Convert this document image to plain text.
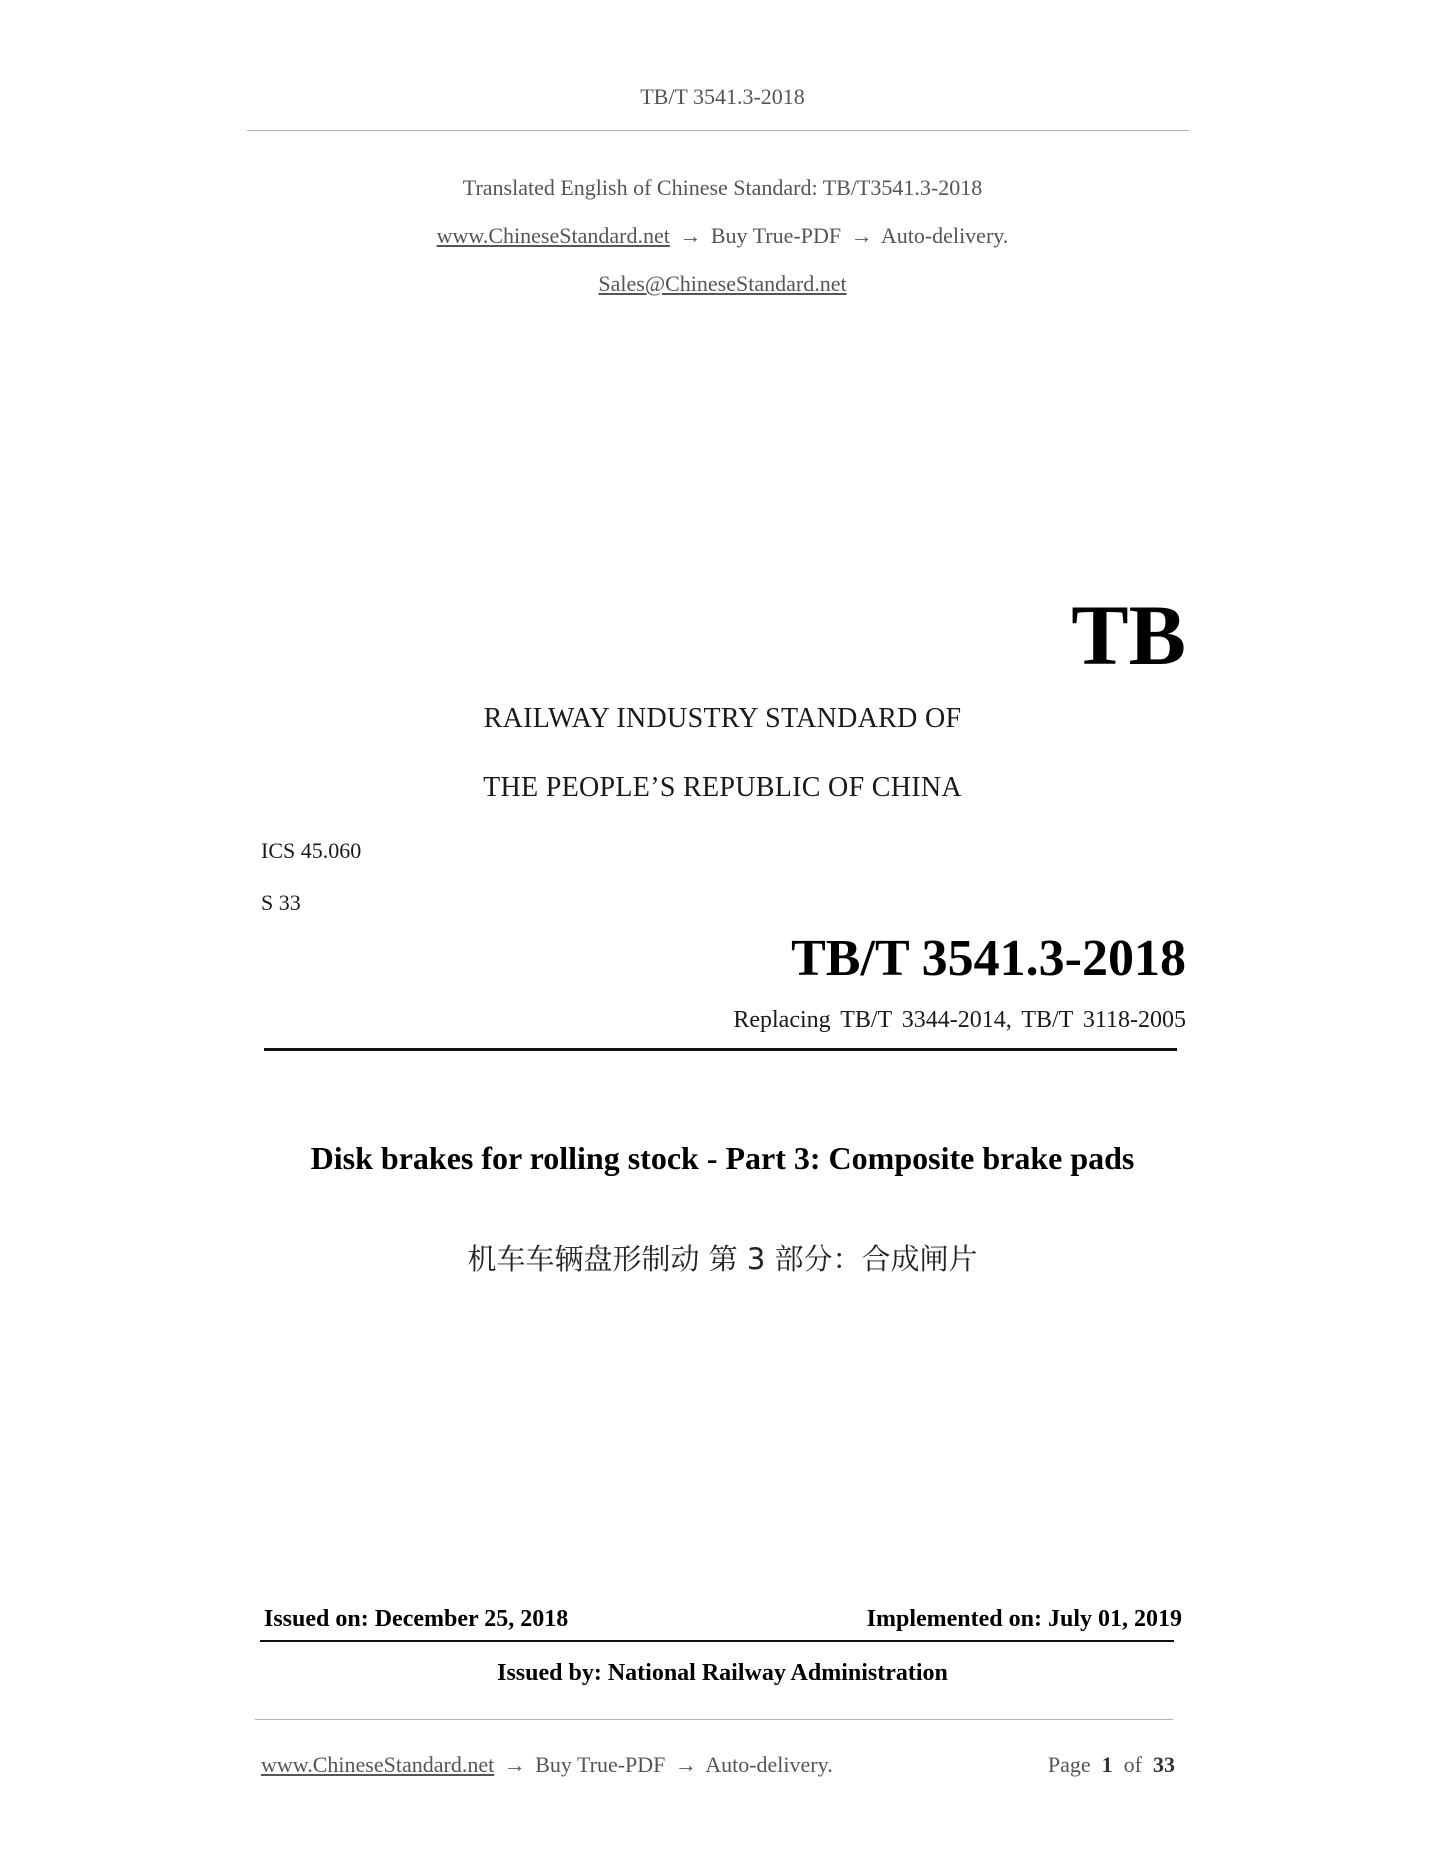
TB/T 3541.3-2018
Translated English of Chinese Standard: TB/T3541.3-2018
www.ChineseStandard.net → Buy True-PDF → Auto-delivery.
Sales@ChineseStandard.net
TB
RAILWAY INDUSTRY STANDARD OF
THE PEOPLE’S REPUBLIC OF CHINA
ICS 45.060
S 33
TB/T 3541.3-2018
Replacing TB/T 3344-2014, TB/T 3118-2005
Disk brakes for rolling stock - Part 3: Composite brake pads
机车车辆盘形制动 第 3 部分：合成闸片
Issued on: December 25, 2018	Implemented on: July 01, 2019
Issued by: National Railway Administration
www.ChineseStandard.net → Buy True-PDF → Auto-delivery.	Page 1 of 33
